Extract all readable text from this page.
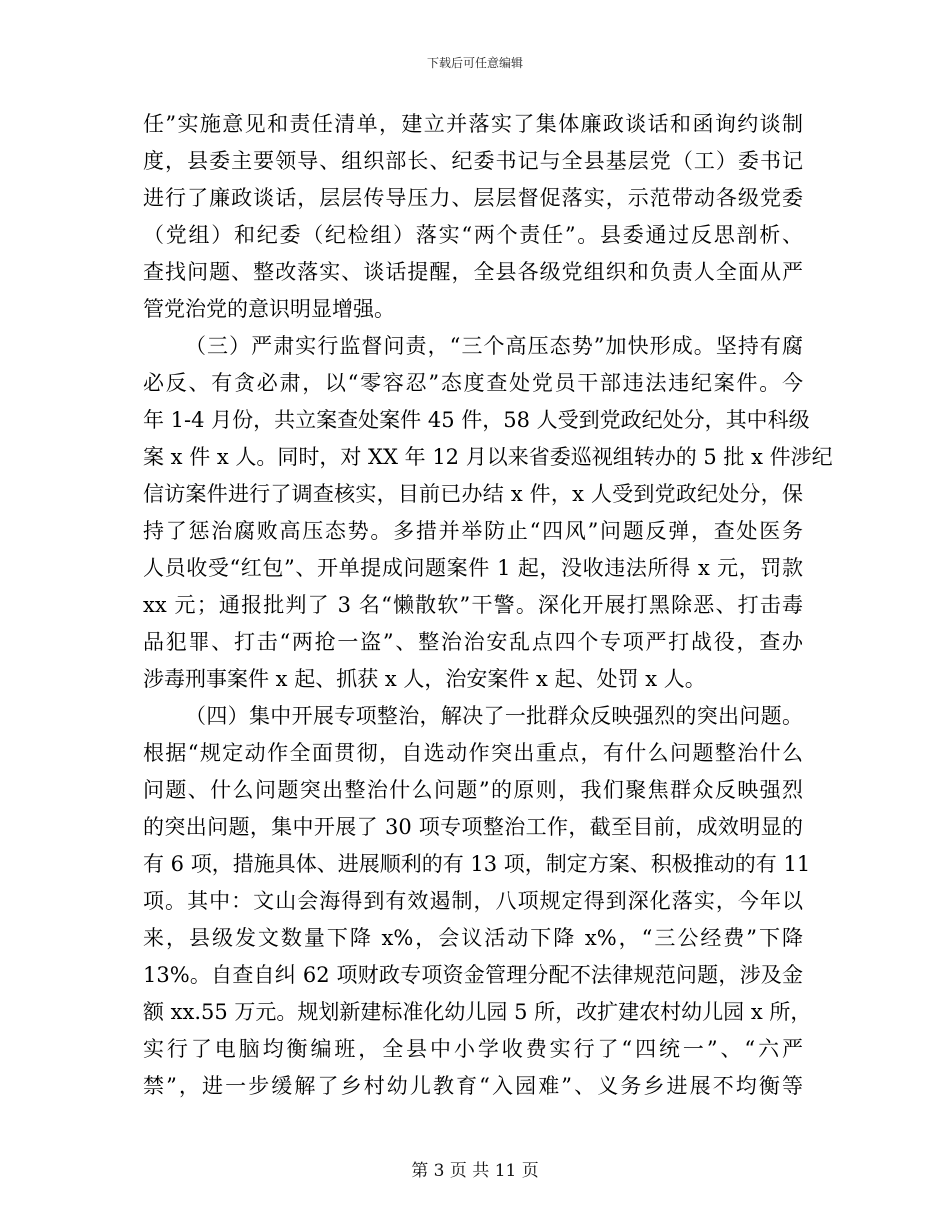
下载后可任意编辑
任”实施意见和责任清单，建立并落实了集体廉政谈话和函询约谈制
度，县委主要领导、组织部长、纪委书记与全县基层党（工）委书记
进行了廉政谈话，层层传导压力、层层督促落实，示范带动各级党委
（党组）和纪委（纪检组）落实“两个责任”。县委通过反思剖析、
查找问题、整改落实、谈话提醒，全县各级党组织和负责人全面从严
管党治党的意识明显增强。
（三）严肃实行监督问责，“三个高压态势”加快形成。坚持有腐
必反、有贪必肃，以“零容忍”态度查处党员干部违法违纪案件。今
年 1-4 月份，共立案查处案件 45 件，58 人受到党政纪处分，其中科级
案 x 件 x 人。同时，对 XX 年 12 月以来省委巡视组转办的 5 批 x 件涉纪
信访案件进行了调查核实，目前已办结 x 件，x 人受到党政纪处分，保
持了惩治腐败高压态势。多措并举防止“四风”问题反弹，查处医务
人员收受“红包”、开单提成问题案件 1 起，没收违法所得 x 元，罚款
xx 元；通报批判了 3 名“懒散软”干警。深化开展打黑除恶、打击毒
品犯罪、打击“两抢一盗”、整治治安乱点四个专项严打战役，查办
涉毒刑事案件 x 起、抓获 x 人，治安案件 x 起、处罚 x 人。
（四）集中开展专项整治，解决了一批群众反映强烈的突出问题。
根据“规定动作全面贯彻，自选动作突出重点，有什么问题整治什么
问题、什么问题突出整治什么问题”的原则，我们聚焦群众反映强烈
的突出问题，集中开展了 30 项专项整治工作，截至目前，成效明显的
有 6 项，措施具体、进展顺利的有 13 项，制定方案、积极推动的有 11
项。其中：文山会海得到有效遏制，八项规定得到深化落实，今年以
来，县级发文数量下降 x%，会议活动下降 x%，“三公经费”下降
13%。自查自纠 62 项财政专项资金管理分配不法律规范问题，涉及金
额 xx.55 万元。规划新建标准化幼儿园 5 所，改扩建农村幼儿园 x 所，
实行了电脑均衡编班，全县中小学收费实行了“四统一”、“六严
禁”，进一步缓解了乡村幼儿教育“入园难”、义务乡进展不均衡等
第 3 页 共 11 页
